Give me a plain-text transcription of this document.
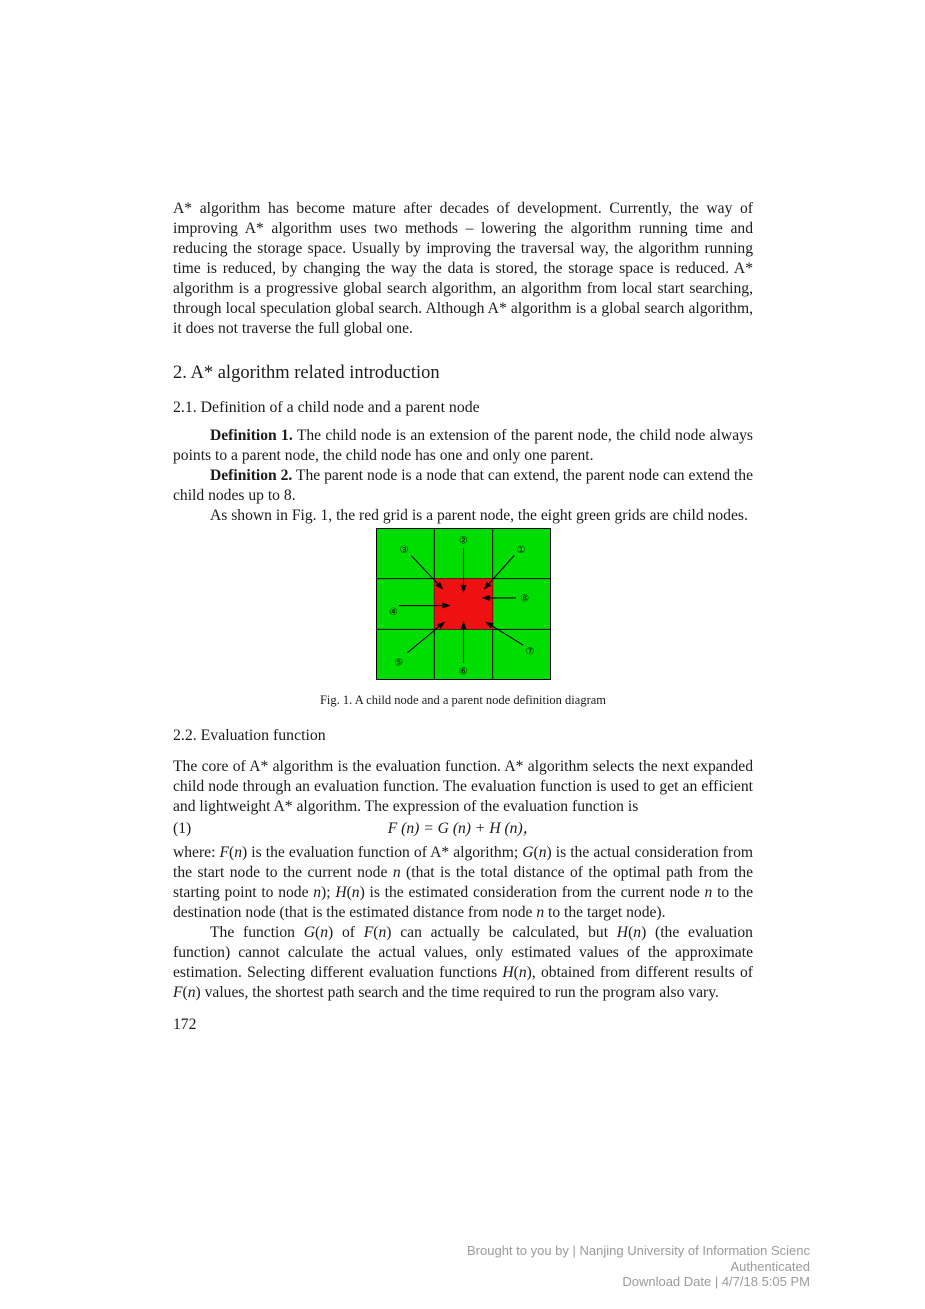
A* algorithm has become mature after decades of development. Currently, the way of improving A* algorithm uses two methods – lowering the algorithm running time and reducing the storage space. Usually by improving the traversal way, the algorithm running time is reduced, by changing the way the data is stored, the storage space is reduced. A* algorithm is a progressive global search algorithm, an algorithm from local start searching, through local speculation global search. Although A* algorithm is a global search algorithm, it does not traverse the full global one.

2. A* algorithm related introduction
2.1. Definition of a child node and a parent node

Definition 1. The child node is an extension of the parent node, the child node always points to a parent node, the child node has one and only one parent.

Definition 2. The parent node is a node that can extend, the parent node can extend the child nodes up to 8.

As shown in Fig. 1, the red grid is a parent node, the eight green grids are child nodes.

③
②
①
④
⑧
⑤
⑥
⑦

Fig. 1. A child node and a parent node definition diagram

2.2. Evaluation function

The core of A* algorithm is the evaluation function. A* algorithm selects the next expanded child node through an evaluation function. The evaluation function is used to get an efficient and lightweight A* algorithm. The expression of the evaluation function is

(1)	F (n) = G (n) + H (n)，

where: F(n) is the evaluation function of A* algorithm; G(n) is the actual consideration from the start node to the current node n (that is the total distance of the optimal path from the starting point to node n); H(n) is the estimated consideration from the current node n to the destination node (that is the estimated distance from node n to the target node).

The function G(n) of F(n) can actually be calculated, but H(n) (the evaluation function) cannot calculate the actual values, only estimated values of the approximate estimation. Selecting different evaluation functions H(n), obtained from different results of F(n) values, the shortest path search and the time required to run the program also vary.

172

Brought to you by | Nanjing University of Information Scienc
Authenticated
Download Date | 4/7/18 5:05 PM
